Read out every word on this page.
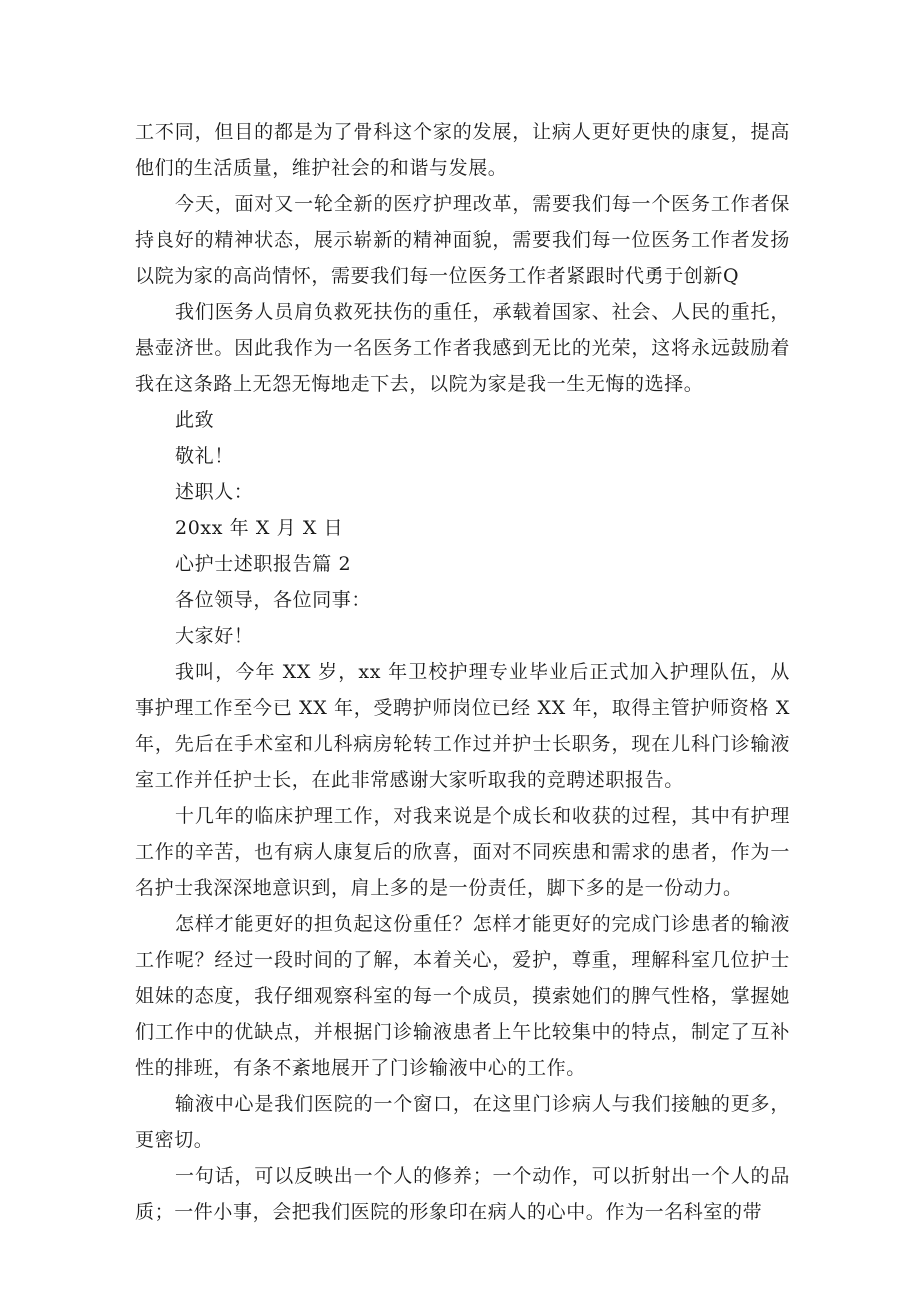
工不同，但目的都是为了骨科这个家的发展，让病人更好更快的康复，提高他们的生活质量，维护社会的和谐与发展。

今天，面对又一轮全新的医疗护理改革，需要我们每一个医务工作者保持良好的精神状态，展示崭新的精神面貌，需要我们每一位医务工作者发扬以院为家的高尚情怀，需要我们每一位医务工作者紧跟时代勇于创新Q

我们医务人员肩负救死扶伤的重任，承载着国家、社会、人民的重托，悬壶济世。因此我作为一名医务工作者我感到无比的光荣，这将永远鼓励着我在这条路上无怨无悔地走下去，以院为家是我一生无悔的选择。

此致

敬礼！

述职人：

20xx 年 X 月 X 日

心护士述职报告篇 2

各位领导，各位同事：

大家好！

我叫，今年 XX 岁，xx 年卫校护理专业毕业后正式加入护理队伍，从事护理工作至今已 XX 年，受聘护师岗位已经 XX 年，取得主管护师资格 X 年，先后在手术室和儿科病房轮转工作过并护士长职务，现在儿科门诊输液室工作并任护士长，在此非常感谢大家听取我的竞聘述职报告。

十几年的临床护理工作，对我来说是个成长和收获的过程，其中有护理工作的辛苦，也有病人康复后的欣喜，面对不同疾患和需求的患者，作为一名护士我深深地意识到，肩上多的是一份责任，脚下多的是一份动力。

怎样才能更好的担负起这份重任？怎样才能更好的完成门诊患者的输液工作呢？经过一段时间的了解，本着关心，爱护，尊重，理解科室几位护士姐妹的态度，我仔细观察科室的每一个成员，摸索她们的脾气性格，掌握她们工作中的优缺点，并根据门诊输液患者上午比较集中的特点，制定了互补性的排班，有条不紊地展开了门诊输液中心的工作。

输液中心是我们医院的一个窗口，在这里门诊病人与我们接触的更多，更密切。

一句话，可以反映出一个人的修养；一个动作，可以折射出一个人的品质；一件小事，会把我们医院的形象印在病人的心中。作为一名科室的带
